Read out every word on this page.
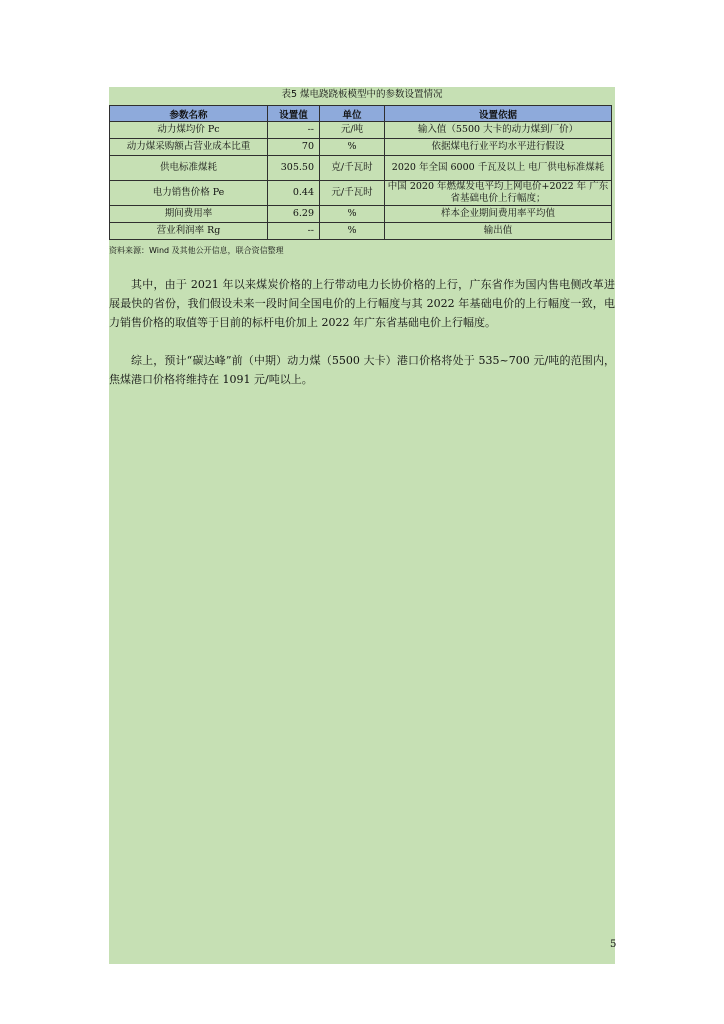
表5 煤电跷跷板模型中的参数设置情况
参数名称	设置值	单位	设置依据
动力煤均价 Pc	--	元/吨	输入值（5500 大卡的动力煤到厂价）
动力煤采购额占营业成本比重	70	%	依据煤电行业平均水平进行假设
供电标准煤耗	305.50	克/千瓦时	2020 年全国 6000 千瓦及以上 电厂供电标准煤耗
电力销售价格 Pe	0.44	元/千瓦时	中国 2020 年燃煤发电平均上网电价+2022 年 广东省基础电价上行幅度；
期间费用率	6.29	%	样本企业期间费用率平均值
营业利润率 Rg	--	%	输出值
资料来源：Wind 及其他公开信息，联合资信整理

其中，由于 2021 年以来煤炭价格的上行带动电力长协价格的上行，广东省作为国内售电侧改革进展最快的省份，我们假设未来一段时间全国电价的上行幅度与其 2022 年基础电价的上行幅度一致，电力销售价格的取值等于目前的标杆电价加上 2022 年广东省基础电价上行幅度。

综上，预计“碳达峰”前（中期）动力煤（5500 大卡）港口价格将处于 535~700 元/吨的范围内，焦煤港口价格将维持在 1091 元/吨以上。

5
